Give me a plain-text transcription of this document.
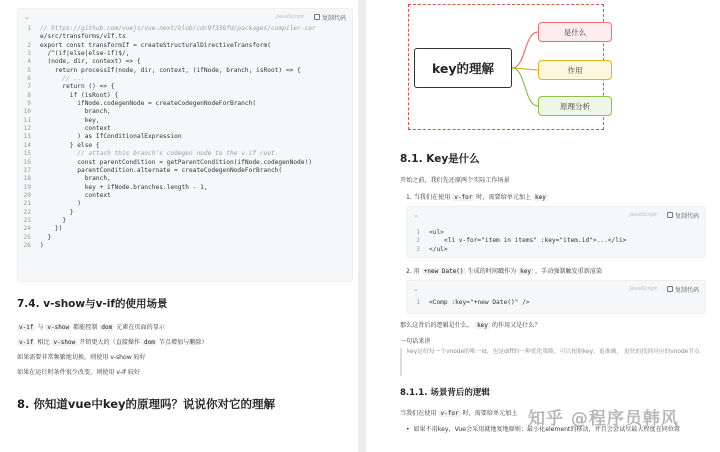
⌄	JavaScript	复制代码
1	// https://github.com/vuejs/vue-next/blob/cdc9f336fd/packages/compiler-cor
e/src/transforms/vIf.ts
2	export const transformIf = createStructuralDirectiveTransform(
3	/^(if|else|else-if)$/,
4	(node, dir, context) => {
5	return processIf(node, dir, context, (ifNode, branch, isRoot) => {
6	// ...
7	return () => {
8	if (isRoot) {
9	ifNode.codegenNode = createCodegenNodeForBranch(
10	branch,
11	key,
12	context
13	) as IfConditionalExpression
14	} else {
15	// attach this branch's codegen node to the v-if root.
16	const parentCondition = getParentCondition(ifNode.codegenNode!)
17	parentCondition.alternate = createCodegenNodeForBranch(
18	branch,
19	key + ifNode.branches.length - 1,
20	context
21	)
22	}
23	}
24	})
25	}
26	)
7.4. v-show与v-if的使用场景
v-if 与 v-show 都能控制 dom 元素在页面的显示
v-if 相比 v-show 开销更大的（直接操作 dom 节点增加与删除）
如果需要非常频繁地切换，则使用 v-show 较好
如果在运行时条件很少改变，则使用 v-if 较好
8. 你知道vue中key的原理吗？说说你对它的理解
key的理解
是什么
作用
原理分析
8.1. Key是什么
开始之前，我们先还原两个实际工作场景
1. 当我们在使用 v-for 时，需要给单元加上 key
⌄	JavaScript	复制代码
1	<ul>
2	<li v-for="item in items" :key="item.id">...</li>
3	</ul>
2. 用 +new Date() 生成的时间戳作为 key ，手动强制触发重新渲染
⌄	JavaScript	复制代码
1	<Comp :key="+new Date()" />
那么这背后的逻辑是什么， key 的作用又是什么？
一句话来讲
key是给每一个vnode的唯一id，也是diff的一种优化策略，可以根据key，更准确， 更快的找到对应的vnode节点
8.1.1. 场景背后的逻辑
当我们在使用 v-for 时，需要给单元加上
•  如果不用key，Vue会采用就地复地原则：最小化element的移动，并且会尝试尽最大程度在同位置
知乎 @程序员韩风
